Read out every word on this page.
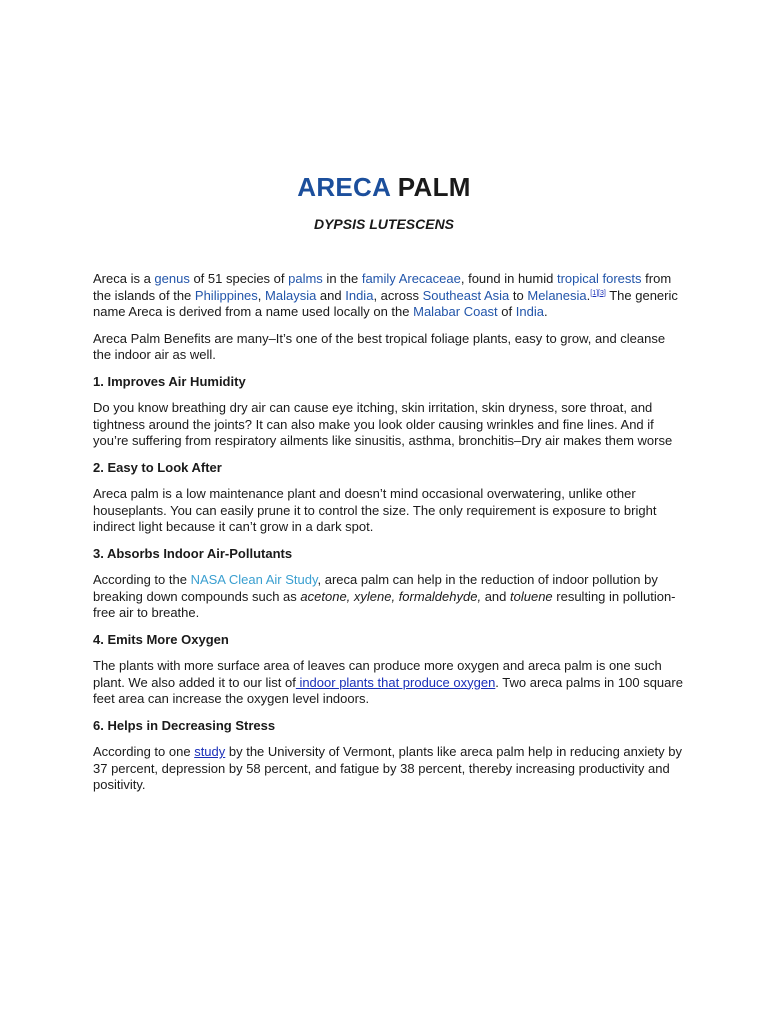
ARECA PALM
DYPSIS LUTESCENS

Areca is a genus of 51 species of palms in the family Arecaceae, found in humid tropical forests from the islands of the Philippines, Malaysia and India, across Southeast Asia to Melanesia.[1][3] The generic name Areca is derived from a name used locally on the Malabar Coast of India.

Areca Palm Benefits are many–It’s one of the best tropical foliage plants, easy to grow, and cleanse the indoor air as well.

1. Improves Air Humidity

Do you know breathing dry air can cause eye itching, skin irritation, skin dryness, sore throat, and tightness around the joints? It can also make you look older causing wrinkles and fine lines. And if you’re suffering from respiratory ailments like sinusitis, asthma, bronchitis–Dry air makes them worse

2. Easy to Look After

Areca palm is a low maintenance plant and doesn’t mind occasional overwatering, unlike other houseplants. You can easily prune it to control the size. The only requirement is exposure to bright indirect light because it can’t grow in a dark spot.

3. Absorbs Indoor Air-Pollutants

According to the NASA Clean Air Study, areca palm can help in the reduction of indoor pollution by breaking down compounds such as acetone, xylene, formaldehyde, and toluene resulting in pollution-free air to breathe.

4. Emits More Oxygen

The plants with more surface area of leaves can produce more oxygen and areca palm is one such plant. We also added it to our list of indoor plants that produce oxygen. Two areca palms in 100 square feet area can increase the oxygen level indoors.

6. Helps in Decreasing Stress

According to one study by the University of Vermont, plants like areca palm help in reducing anxiety by 37 percent, depression by 58 percent, and fatigue by 38 percent, thereby increasing productivity and positivity.
